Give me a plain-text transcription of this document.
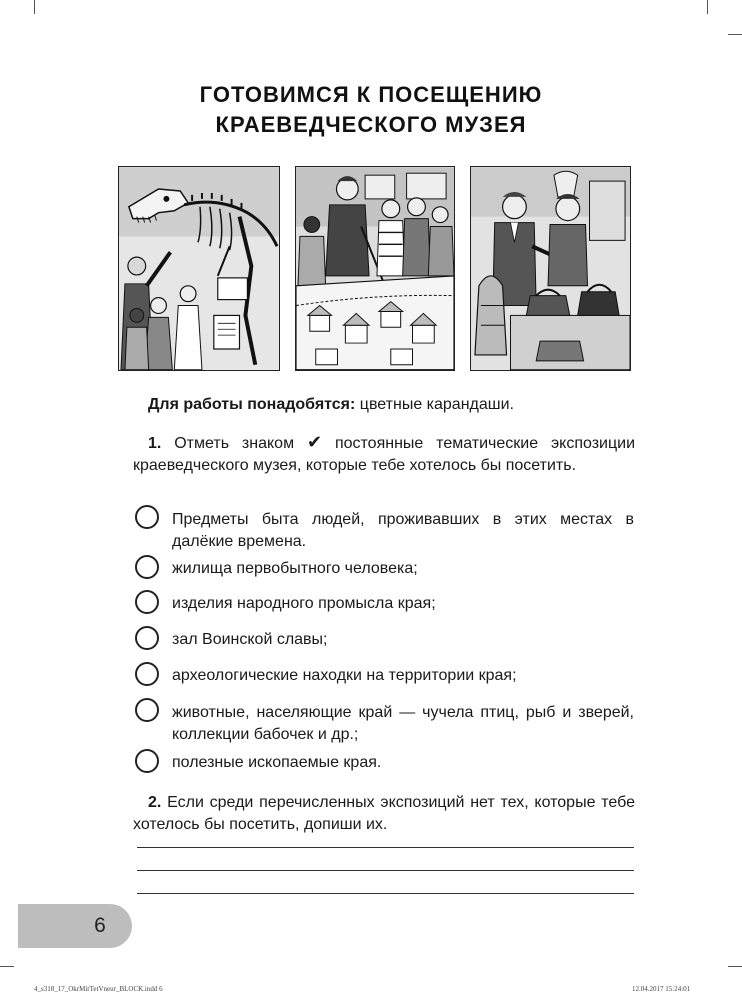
ГОТОВИМСЯ К ПОСЕЩЕНИЮ
КРАЕВЕДЧЕСКОГО МУЗЕЯ
Для работы понадобятся: цветные карандаши.
1. Отметь знаком ✔ постоянные тематические экспозиции краеведческого музея, которые тебе хотелось бы посетить.
Предметы быта людей, проживавших в этих местах в далёкие времена.
жилища первобытного человека;
изделия народного промысла края;
зал Воинской славы;
археологические находки на территории края;
животные, населяющие край — чучела птиц, рыб и зверей, коллекции бабочек и др.;
полезные ископаемые края.
2. Если среди перечисленных экспозиций нет тех, которые тебе хотелось бы посетить, допиши их.
6
4_s318_17_OkrMirTetVneur_BLOCK.indd 6	12.04.2017 15:24:01
